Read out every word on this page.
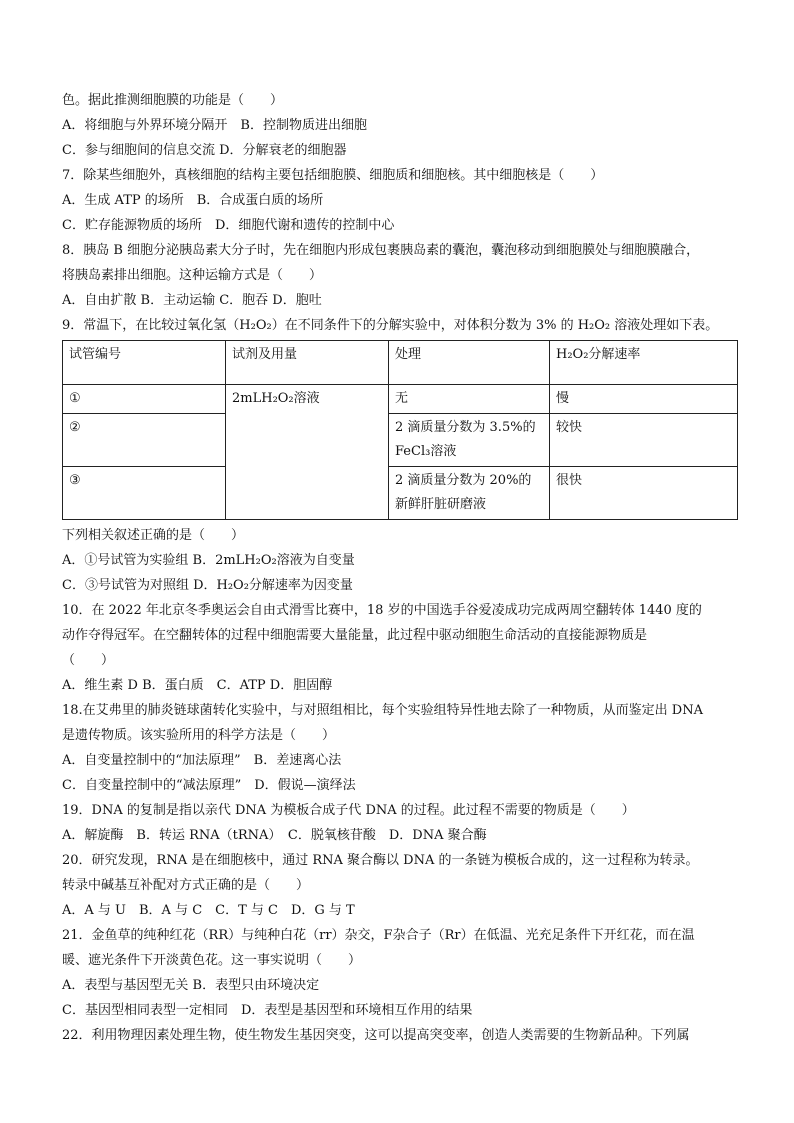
色。据此推测细胞膜的功能是（　　）

A．将细胞与外界环境分隔开　B．控制物质进出细胞

C．参与细胞间的信息交流 D．分解衰老的细胞器

7．除某些细胞外，真核细胞的结构主要包括细胞膜、细胞质和细胞核。其中细胞核是（　　）

A．生成 ATP 的场所　B．合成蛋白质的场所

C．贮存能源物质的场所　D．细胞代谢和遗传的控制中心

8．胰岛 B 细胞分泌胰岛素大分子时，先在细胞内形成包裹胰岛素的囊泡，囊泡移动到细胞膜处与细胞膜融合，

将胰岛素排出细胞。这种运输方式是（　　）

A．自由扩散 B．主动运输 C．胞吞 D．胞吐

9．常温下，在比较过氧化氢（H₂O₂）在不同条件下的分解实验中，对体积分数为 3% 的 H₂O₂ 溶液处理如下表。

试管编号	试剂及用量	处理	H₂O₂分解速率
①	2mLH₂O₂溶液	无	慢
②		2 滴质量分数为 3.5%的 FeCl₃溶液	较快
③		2 滴质量分数为 20%的新鲜肝脏研磨液	很快

下列相关叙述正确的是（　　）

A．①号试管为实验组 B．2mLH₂O₂溶液为自变量

C．③号试管为对照组 D．H₂O₂分解速率为因变量

10．在 2022 年北京冬季奥运会自由式滑雪比赛中，18 岁的中国选手谷爱凌成功完成两周空翻转体 1440 度的

动作夺得冠军。在空翻转体的过程中细胞需要大量能量，此过程中驱动细胞生命活动的直接能源物质是

（　　）

A．维生素 D B．蛋白质　C．ATP D．胆固醇

18.在艾弗里的肺炎链球菌转化实验中，与对照组相比，每个实验组特异性地去除了一种物质，从而鉴定出 DNA

是遗传物质。该实验所用的科学方法是（　　）

A．自变量控制中的“加法原理”　B．差速离心法

C．自变量控制中的“减法原理”　D．假说—演绎法

19．DNA 的复制是指以亲代 DNA 为模板合成子代 DNA 的过程。此过程不需要的物质是（　　）

A．解旋酶　B．转运 RNA（tRNA）　C．脱氧核苷酸　D．DNA 聚合酶

20．研究发现，RNA 是在细胞核中，通过 RNA 聚合酶以 DNA 的一条链为模板合成的，这一过程称为转录。

转录中碱基互补配对方式正确的是（　　）

A．A 与 U　B．A 与 C　C．T 与 C　D．G 与 T

21．金鱼草的纯种红花（RR）与纯种白花（rr）杂交，F杂合子（Rr）在低温、光充足条件下开红花，而在温

暖、遮光条件下开淡黄色花。这一事实说明（　　）

A．表型与基因型无关 B．表型只由环境决定

C．基因型相同表型一定相同　D．表型是基因型和环境相互作用的结果

22．利用物理因素处理生物，使生物发生基因突变，这可以提高突变率，创造人类需要的生物新品种。下列属
